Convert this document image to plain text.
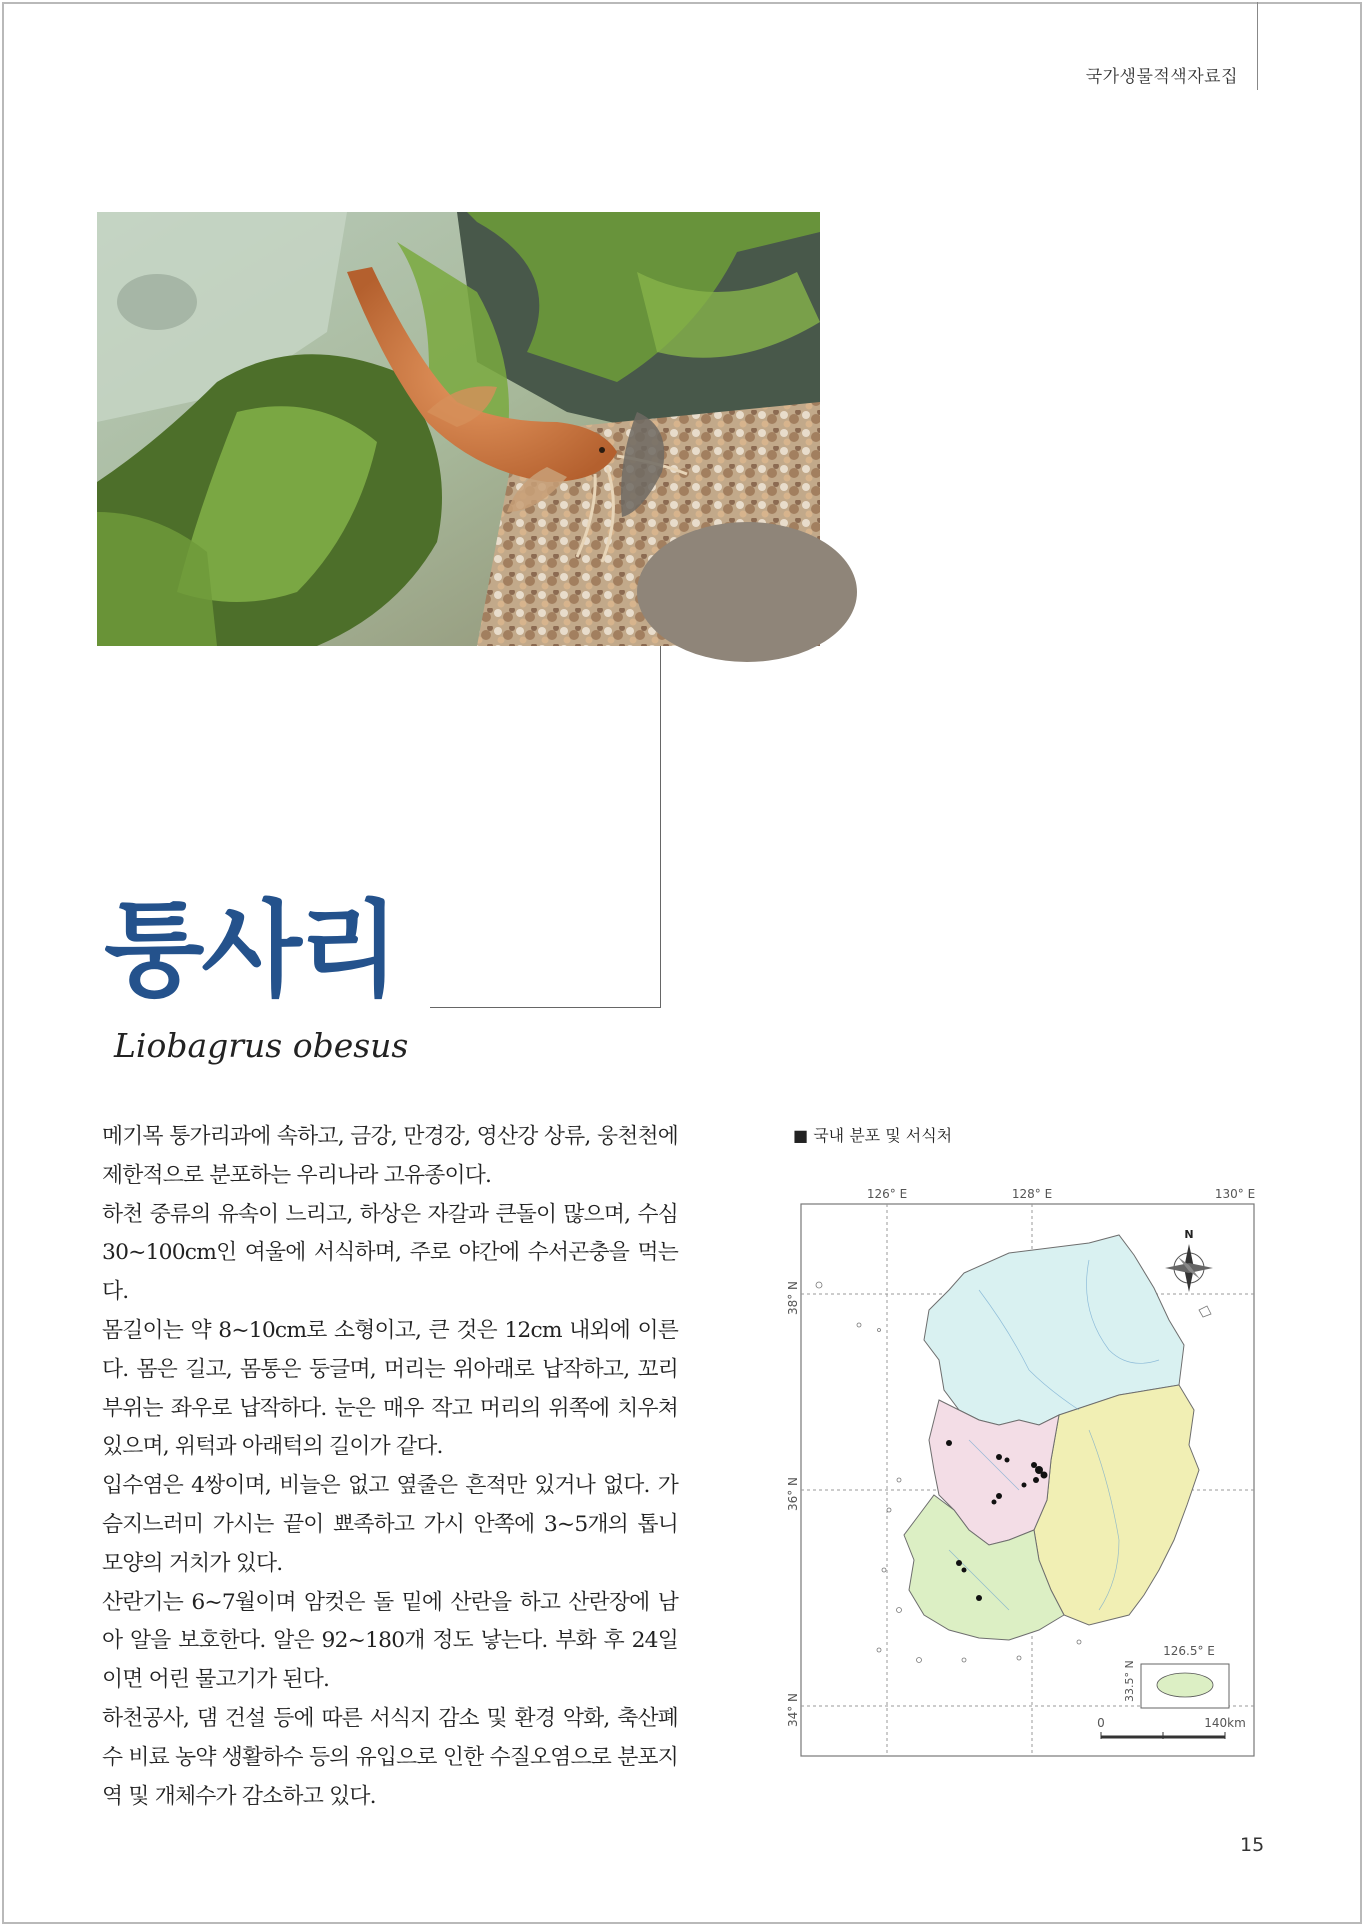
국가생물적색자료집
퉁사리
Liobagrus obesus

메기목 퉁가리과에 속하고, 금강, 만경강, 영산강 상류, 웅천천에 제한적으로 분포하는 우리나라 고유종이다.

하천 중류의 유속이 느리고, 하상은 자갈과 큰돌이 많으며, 수심 30~100cm인 여울에 서식하며, 주로 야간에 수서곤충을 먹는다.

몸길이는 약 8~10cm로 소형이고, 큰 것은 12cm 내외에 이른다. 몸은 길고, 몸통은 둥글며, 머리는 위아래로 납작하고, 꼬리 부위는 좌우로 납작하다. 눈은 매우 작고 머리의 위쪽에 치우쳐 있으며, 위턱과 아래턱의 길이가 같다.

입수염은 4쌍이며, 비늘은 없고 옆줄은 흔적만 있거나 없다. 가슴지느러미 가시는 끝이 뾰족하고 가시 안쪽에 3~5개의 톱니 모양의 거치가 있다.

산란기는 6~7월이며 암컷은 돌 밑에 산란을 하고 산란장에 남아 알을 보호한다. 알은 92~180개 정도 낳는다. 부화 후 24일이면 어린 물고기가 된다.

하천공사, 댐 건설 등에 따른 서식지 감소 및 환경 악화, 축산폐수 비료 농약 생활하수 등의 유입으로 인한 수질오염으로 분포지역 및 개체수가 감소하고 있다.

■ 국내 분포 및 서식처
126° E	128° E	130° E
38° N
36° N
34° N
N
126.5° E
33.5° N
0	140km
15
